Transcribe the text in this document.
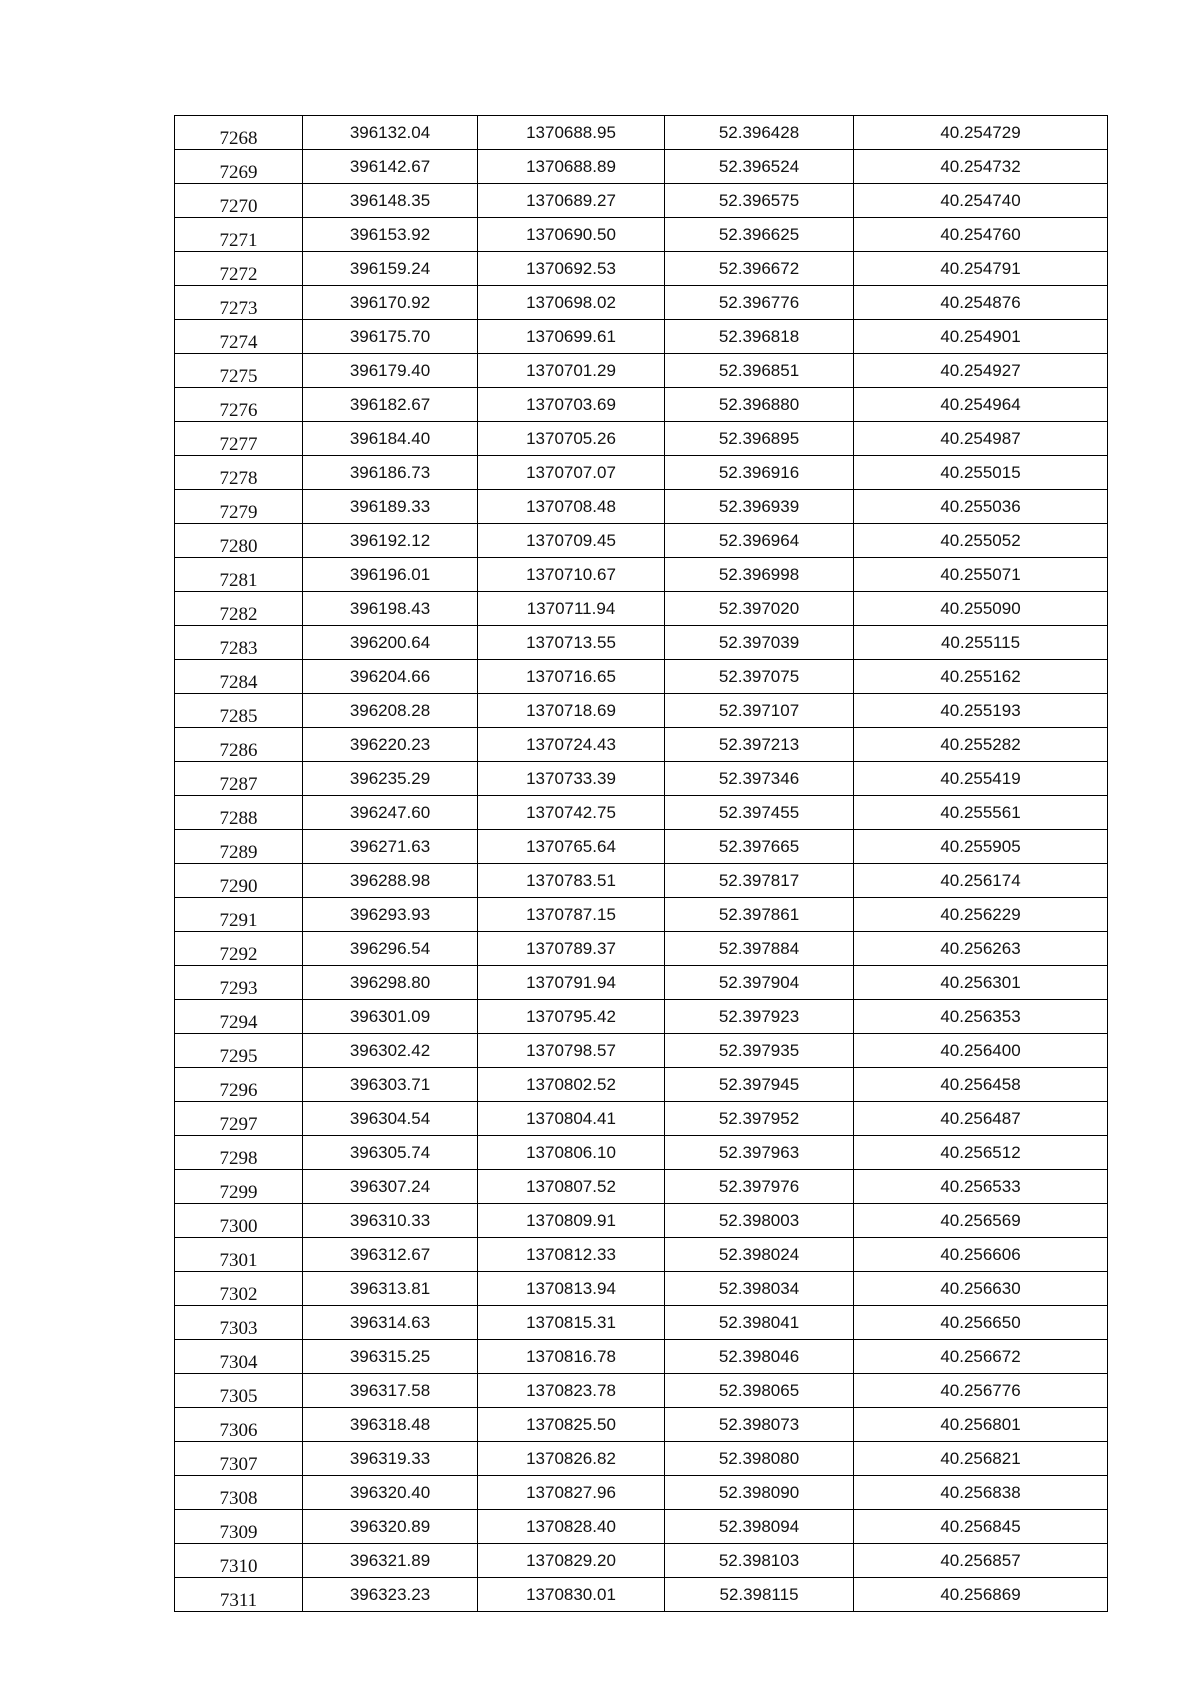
7268	396132.04	1370688.95	52.396428	40.254729
7269	396142.67	1370688.89	52.396524	40.254732
7270	396148.35	1370689.27	52.396575	40.254740
7271	396153.92	1370690.50	52.396625	40.254760
7272	396159.24	1370692.53	52.396672	40.254791
7273	396170.92	1370698.02	52.396776	40.254876
7274	396175.70	1370699.61	52.396818	40.254901
7275	396179.40	1370701.29	52.396851	40.254927
7276	396182.67	1370703.69	52.396880	40.254964
7277	396184.40	1370705.26	52.396895	40.254987
7278	396186.73	1370707.07	52.396916	40.255015
7279	396189.33	1370708.48	52.396939	40.255036
7280	396192.12	1370709.45	52.396964	40.255052
7281	396196.01	1370710.67	52.396998	40.255071
7282	396198.43	1370711.94	52.397020	40.255090
7283	396200.64	1370713.55	52.397039	40.255115
7284	396204.66	1370716.65	52.397075	40.255162
7285	396208.28	1370718.69	52.397107	40.255193
7286	396220.23	1370724.43	52.397213	40.255282
7287	396235.29	1370733.39	52.397346	40.255419
7288	396247.60	1370742.75	52.397455	40.255561
7289	396271.63	1370765.64	52.397665	40.255905
7290	396288.98	1370783.51	52.397817	40.256174
7291	396293.93	1370787.15	52.397861	40.256229
7292	396296.54	1370789.37	52.397884	40.256263
7293	396298.80	1370791.94	52.397904	40.256301
7294	396301.09	1370795.42	52.397923	40.256353
7295	396302.42	1370798.57	52.397935	40.256400
7296	396303.71	1370802.52	52.397945	40.256458
7297	396304.54	1370804.41	52.397952	40.256487
7298	396305.74	1370806.10	52.397963	40.256512
7299	396307.24	1370807.52	52.397976	40.256533
7300	396310.33	1370809.91	52.398003	40.256569
7301	396312.67	1370812.33	52.398024	40.256606
7302	396313.81	1370813.94	52.398034	40.256630
7303	396314.63	1370815.31	52.398041	40.256650
7304	396315.25	1370816.78	52.398046	40.256672
7305	396317.58	1370823.78	52.398065	40.256776
7306	396318.48	1370825.50	52.398073	40.256801
7307	396319.33	1370826.82	52.398080	40.256821
7308	396320.40	1370827.96	52.398090	40.256838
7309	396320.89	1370828.40	52.398094	40.256845
7310	396321.89	1370829.20	52.398103	40.256857
7311	396323.23	1370830.01	52.398115	40.256869
